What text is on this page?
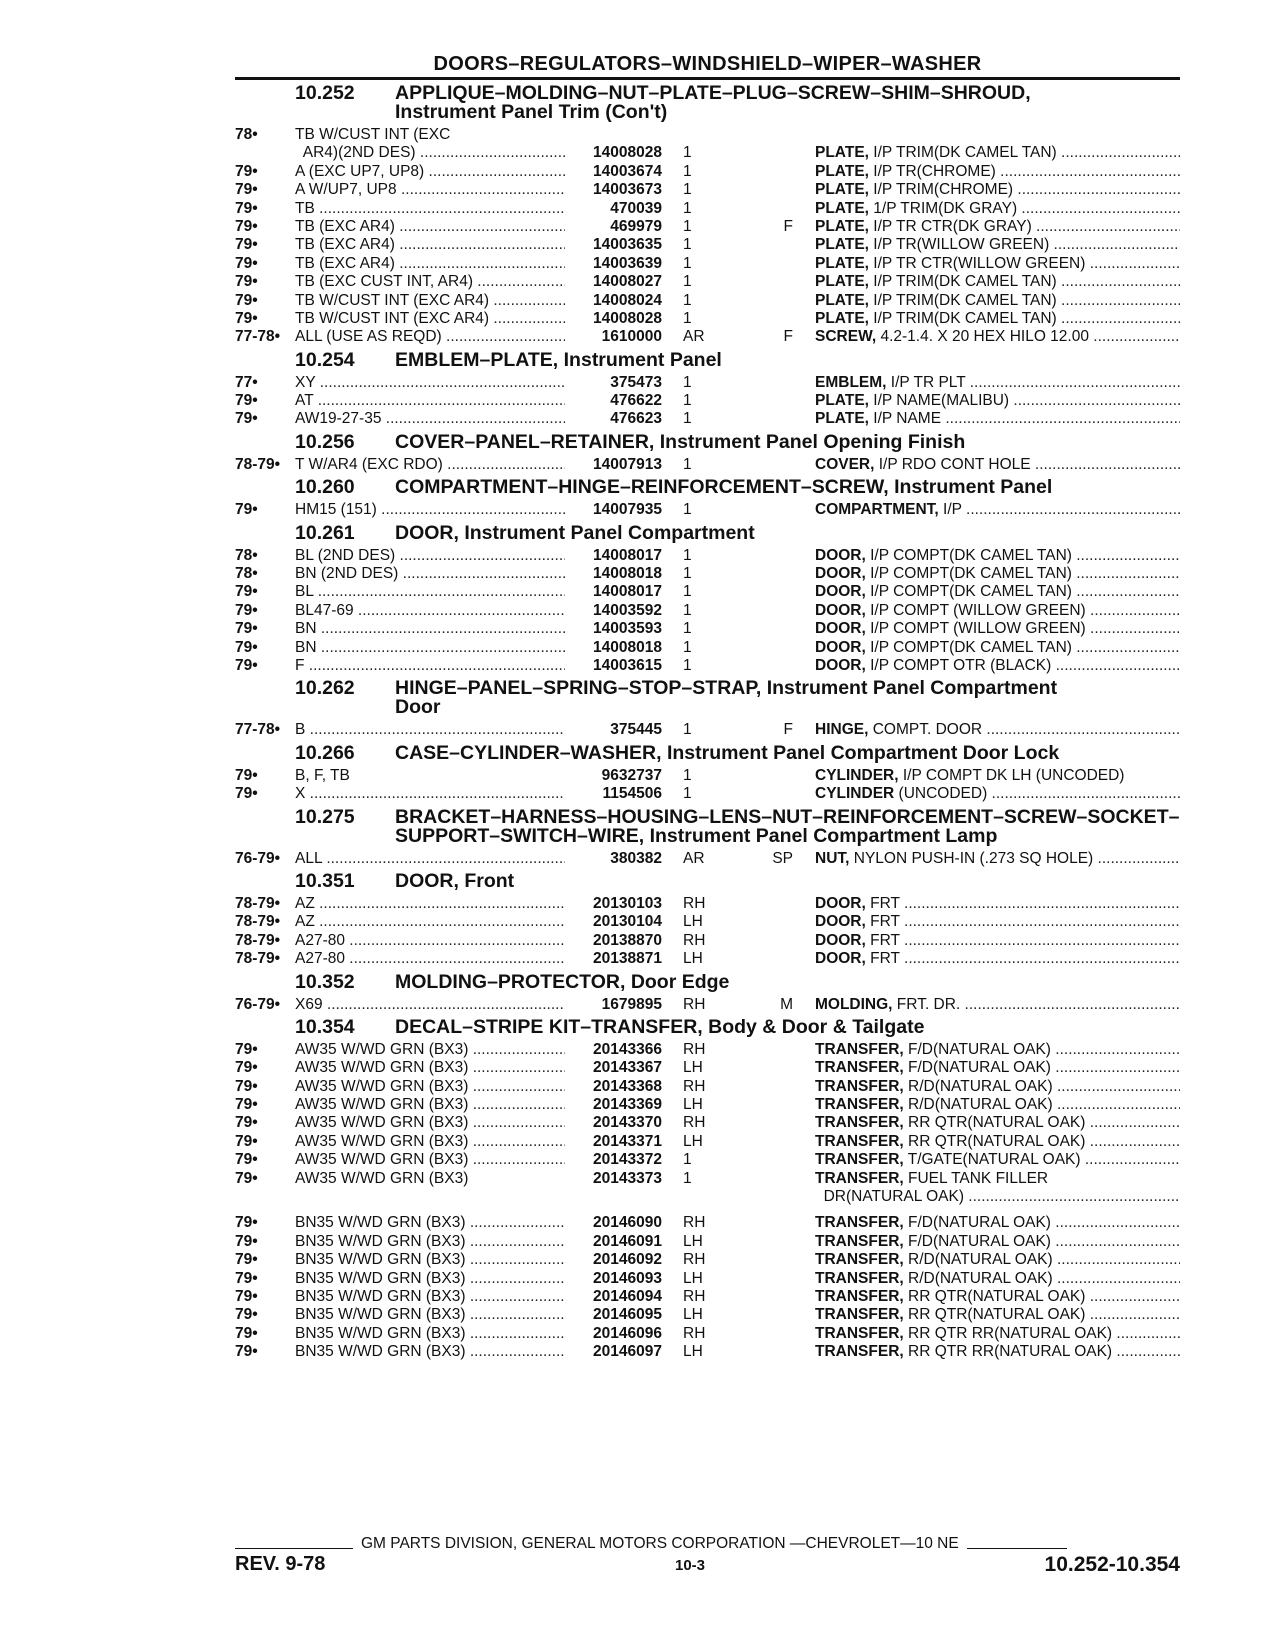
DOORS–REGULATORS–WINDSHIELD–WIPER–WASHER
10.252	APPLIQUE–MOLDING–NUT–PLATE–PLUG–SCREW–SHIM–SHROUD,
Instrument Panel Trim (Con't)
78•	TB W/CUST INT (EXC
AR4)(2ND DES) .....	14008028 1	PLATE, I/P TRIM(DK CAMEL TAN) .....
79•	A (EXC UP7, UP8) .....	14003674 1	PLATE, I/P TR(CHROME) .....
79•	A W/UP7, UP8 .....	14003673 1	PLATE, I/P TRIM(CHROME) .....
79•	TB .....	470039 1	PLATE, 1/P TRIM(DK GRAY) .....
79•	TB (EXC AR4) .....	469979 1	F PLATE, I/P TR CTR(DK GRAY) .....
79•	TB (EXC AR4) .....	14003635 1	PLATE, I/P TR(WILLOW GREEN) .....
79•	TB (EXC AR4) .....	14003639 1	PLATE, I/P TR CTR(WILLOW GREEN) .....
79•	TB (EXC CUST INT, AR4) .....	14008027 1	PLATE, I/P TRIM(DK CAMEL TAN) .....
79•	TB W/CUST INT (EXC AR4) .....	14008024 1	PLATE, I/P TRIM(DK CAMEL TAN) .....
79•	TB W/CUST INT (EXC AR4) .....	14008028 1	PLATE, I/P TRIM(DK CAMEL TAN) .....
77-78• ALL (USE AS REQD) .....	1610000 AR	F SCREW, 4.2-1.4. X 20 HEX HILO 12.00 .....
10.254	EMBLEM–PLATE, Instrument Panel
77•	XY .....	375473 1	EMBLEM, I/P TR PLT .....
79•	AT .....	476622 1	PLATE, I/P NAME(MALIBU) .....
79•	AW19-27-35 .....	476623 1	PLATE, I/P NAME .....
10.256	COVER–PANEL–RETAINER, Instrument Panel Opening Finish
78-79• T W/AR4 (EXC RDO) .....	14007913 1	COVER, I/P RDO CONT HOLE .....
10.260	COMPARTMENT–HINGE–REINFORCEMENT–SCREW, Instrument Panel
79•	HM15 (151) .....	14007935 1	COMPARTMENT, I/P .....
10.261	DOOR, Instrument Panel Compartment
78•	BL (2ND DES) .....	14008017 1	DOOR, I/P COMPT(DK CAMEL TAN) .....
78•	BN (2ND DES) .....	14008018 1	DOOR, I/P COMPT(DK CAMEL TAN) .....
79•	BL .....	14008017 1	DOOR, I/P COMPT(DK CAMEL TAN) .....
79•	BL47-69 .....	14003592 1	DOOR, I/P COMPT (WILLOW GREEN) .....
79•	BN .....	14003593 1	DOOR, I/P COMPT (WILLOW GREEN) .....
79•	BN .....	14008018 1	DOOR, I/P COMPT(DK CAMEL TAN) .....
79•	F .....	14003615 1	DOOR, I/P COMPT OTR (BLACK) .....
10.262	HINGE–PANEL–SPRING–STOP–STRAP, Instrument Panel Compartment
Door
77-78• B .....	375445 1	F HINGE, COMPT. DOOR .....
10.266	CASE–CYLINDER–WASHER, Instrument Panel Compartment Door Lock
79•	B, F, TB	9632737 1	CYLINDER, I/P COMPT DK LH (UNCODED)
79•	X .....	1154506 1	CYLINDER (UNCODED) .....
10.275	BRACKET–HARNESS–HOUSING–LENS–NUT–REINFORCEMENT–SCREW–SOCKET–SUPPORT–SWITCH–WIRE, Instrument Panel Compartment Lamp
76-79• ALL .....	380382 AR	SP NUT, NYLON PUSH-IN (.273 SQ HOLE) .....
10.351	DOOR, Front
78-79• AZ .....	20130103 RH	DOOR, FRT .....
78-79• AZ .....	20130104 LH	DOOR, FRT .....
78-79• A27-80 .....	20138870 RH	DOOR, FRT .....
78-79• A27-80 .....	20138871 LH	DOOR, FRT .....
10.352	MOLDING–PROTECTOR, Door Edge
76-79• X69 .....	1679895 RH	M MOLDING, FRT. DR. .....
10.354	DECAL–STRIPE KIT–TRANSFER, Body & Door & Tailgate
79•	AW35 W/WD GRN (BX3) .....	20143366 RH	TRANSFER, F/D(NATURAL OAK) .....
79•	AW35 W/WD GRN (BX3) .....	20143367 LH	TRANSFER, F/D(NATURAL OAK) .....
79•	AW35 W/WD GRN (BX3) .....	20143368 RH	TRANSFER, R/D(NATURAL OAK) .....
79•	AW35 W/WD GRN (BX3) .....	20143369 LH	TRANSFER, R/D(NATURAL OAK) .....
79•	AW35 W/WD GRN (BX3) .....	20143370 RH	TRANSFER, RR QTR(NATURAL OAK) .....
79•	AW35 W/WD GRN (BX3) .....	20143371 LH	TRANSFER, RR QTR(NATURAL OAK) .....
79•	AW35 W/WD GRN (BX3) .....	20143372 1	TRANSFER, T/GATE(NATURAL OAK) .....
79•	AW35 W/WD GRN (BX3)	20143373 1	TRANSFER, FUEL TANK FILLER
DR(NATURAL OAK) .....
79•	BN35 W/WD GRN (BX3) .....	20146090 RH	TRANSFER, F/D(NATURAL OAK) .....
79•	BN35 W/WD GRN (BX3) .....	20146091 LH	TRANSFER, F/D(NATURAL OAK) .....
79•	BN35 W/WD GRN (BX3) .....	20146092 RH	TRANSFER, R/D(NATURAL OAK) .....
79•	BN35 W/WD GRN (BX3) .....	20146093 LH	TRANSFER, R/D(NATURAL OAK) .....
79•	BN35 W/WD GRN (BX3) .....	20146094 RH	TRANSFER, RR QTR(NATURAL OAK) .....
79•	BN35 W/WD GRN (BX3) .....	20146095 LH	TRANSFER, RR QTR(NATURAL OAK) .....
79•	BN35 W/WD GRN (BX3) .....	20146096 RH	TRANSFER, RR QTR RR(NATURAL OAK) .....
79•	BN35 W/WD GRN (BX3) .....	20146097 LH	TRANSFER, RR QTR RR(NATURAL OAK) .....
GM PARTS DIVISION, GENERAL MOTORS CORPORATION —CHEVROLET—10 NE
REV. 9-78	10-3	10.252-10.354
